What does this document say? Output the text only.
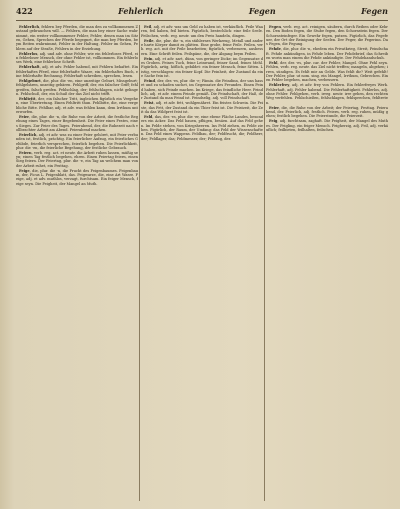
422	Fehlerlich	Fegen	Fegen

Fehlerlich, fehlern bey Pferden, die man den zu vollkommenen Zustand gebrauchen will. — Fehlern, die man bey einer Sache wahrnimmt, ein weiter vollkommener Fehler, Fehler, denen man im Sitzen, Gehen, Sprechen der Pferde begegnet, die man bey Pferden, beym Reiten wahrnimmt, Fehler in der Haltung, Fehler im Gehen, Fehlern auf der Straße, Fehlern in der Erziehung.

Fehlerlos, adj. und adv. ohne Fehler, wie ein fehlerloses Pferd, ein fehlerloser Mensch, der ohne Fehler ist, vollkommen. Ein fehlerloses Werk, eine fehlerlose Schrift.

Fehlerhaft, adj. et adv. Fehler habend, mit Fehlern behaftet. Ein fehlerhaftes Pferd, eine fehlerhafte Waare, ein fehlerhaftes Buch, eine fehlerhafte Rechnung. Fehlerhaft schreiben, sprechen, lesen.

Fehlgeburt, die, plur. die -en, eine unzeitige Geburt, Missgeburt; fehlgebären, unzeitig gebären. Fehlgriff, der, ein falscher Griff; fehlgreifen, falsch greifen. Fehlschlag, der; fehlschlagen, nicht gelingen. Fehlschuß, der, ein Schuß der das Ziel nicht trifft.

Fehltritt, der, ein falscher Tritt, ingleichen figürlich ein Vergehen, eine Übertretung. Einen Fehltritt thun. Fehlbitte, die, eine vergebliche Bitte. Fehlbar, adj. et adv. was fehlen kann, dem Irrthum unterworfen.

Feier, die, plur. die -n, die Ruhe von der Arbeit, die festliche Begehung eines Tages, einer Begebenheit. Die Feier eines Festes, eines Sieges. Zur Feier des Tages. Feierabend, der, die Ruhezeit nach vollbrachter Arbeit am Abend. Feierabend machen.

Feierlich, adj. et adv. was zu einer Feier gehöret, mit Feier verbunden ist, festlich, prächtig. Ein feierlicher Aufzug, ein feierliches Gelübde, feierlich versprechen, feierlich begehen. Die Feierlichkeit, plur. die -en, die feierliche Begehung, der festliche Gebrauch.

Feiern, verb. reg. act. et neutr. die Arbeit ruhen lassen, müßig seyn; einen Tag festlich begehen, ehren. Einen Feiertag feiern, einen Sieg feiern. Der Feiertag, plur. die -e, ein Tag an welchem man von der Arbeit ruhet, ein Festtag.

Feige, die, plur. die -n, die Frucht des Feigenbaumes. Feigenbaum, der, Ficus L. Feigenblatt, das. Feigwarze, die, eine Art Warze. Feige, adj. et adv. muthlos, verzagt, furchtsam. Ein feiger Mensch, feige seyn. Die Feigheit, der Mangel an Muth.

Feil, adj. et adv. was um Geld zu haben ist, verkäuflich. Feile Waaren, feil haben, feil bieten. Figürlich, bestechlich: eine feile Seele. Feilschen, verb. reg. neutr. um den Preis handeln, dingen.

Feile, die, plur. die -n, ein stählernes Werkzeug, Metall und andere harte Körper damit zu glätten. Eine grobe, feine Feile. Feilen, verb. reg. act. mit der Feile bearbeiten; figürlich, verbessern, ausbessern. Eine Schrift feilen. Feilspäne, die, der Abgang beym Feilen.

Fein, adj. et adv. zart, dünn, von geringer Dicke; im Gegensatze des Groben. Feines Tuch, feine Leinwand, feiner Sand, feines Mehl. Figürlich, artig, höflich, gebildet: ein feiner Mensch, feine Sitten. Listig, verschlagen: ein feiner Kopf. Die Feinheit, der Zustand da eine Sache fein ist.

Feind, der, des -es, plur. die -e; Fämin. die Feindinn, der uns hasset und zu schaden suchet, im Gegensatze des Freundes. Einen Feind haben, sich Feinde machen. Im Kriege, das feindliche Heer. Feindlich, adj. et adv. einem Feinde gemäß. Die Feindschaft, der Haß, der Zustand da man Feind ist. Feindselig, adj. voll Feindschaft.

Feist, adj. et adv. fett, wohlgenähret. Ein feistes Schwein. Die Feiste, das Fett, der Zustand da ein Thier feist ist. Die Feistzeit, die Zeit da das Wildpret feist ist.

Feld, das, des -es, plur. die -er, eine ebene Fläche Landes, besonders ein Acker. Das Feld bauen, pflügen, besäen. Auf das Feld gehen. Im Felde stehen, von Kriegsheeren. Ins Feld ziehen, zu Felde ziehen. Figürlich, der Raum, der Umfang: das Feld der Wissenschaften. Das Feld eines Wappens. Feldbau, der; Feldfrucht, die; Feldherr, der; Feldlager, das; Feldmesser, der; Feldzug, der.

Fegen, verb. reg. act. reinigen, säubern, durch Reiben oder Kehren. Den Boden fegen, die Stube fegen, den Schornstein fegen. Der Schornsteinfeger. Ein Gewehr fegen, putzen. Figürlich, das Fegefeuer, der Ort der Reinigung der Seelen. Der Feger, die Fegerinn. Das Fegen, die Fegung.

Fehde, die, plur. die -n, ehedem ein Privatkrieg, Streit, Feindschaft. Fehde ankündigen, in Fehde leben. Der Fehdebrief, das Schreiben worin man einem die Fehde ankündigte. Der Fehdehandschuh.

Fehl, der, des -es, plur. car. der Fehler, Mangel. Ohne Fehl seyn. Fehlen, verb. reg. neutr. das Ziel nicht treffen; mangeln, abgehen; irren, sündigen. Es fehlt mir an Gelde. Was fehlt dir? Weit gefehlt! Der Fehler, plur. ut nom. sing. ein Mangel, Irrthum, Gebrechen. Einen Fehler begehen, machen, verbessern.

Fehlerfrey, adj. et adv. frey von Fehlern. Ein fehlerfreyes Werk. Fehlerhaft, adj. Fehler habend. Die Fehlerhaftigkeit. Fehlerlos, adj. ohne Fehler. Fehlgehen, verb. irreg. neutr. irre gehen, den rechten Weg verfehlen. Fehlschießen, fehlschlagen, fehlsprechen, fehltreten.

Feier, die, die Ruhe von der Arbeit; der Feiertag, Festtag. Feierabend, der. Feierlich, adj. festlich. Feiern, verb. reg. ruhen, müßig gehen; festlich begehen. Die Feierstunde, die Feierzeit.

Feig, adj. furchtsam, zaghaft. Die Feigheit, der Mangel des Muthes. Der Feigling, ein feiger Mensch. Feigherzig, adj. Feil, adj. verkäuflich; feilbieten, feilhalten, feilschen.
